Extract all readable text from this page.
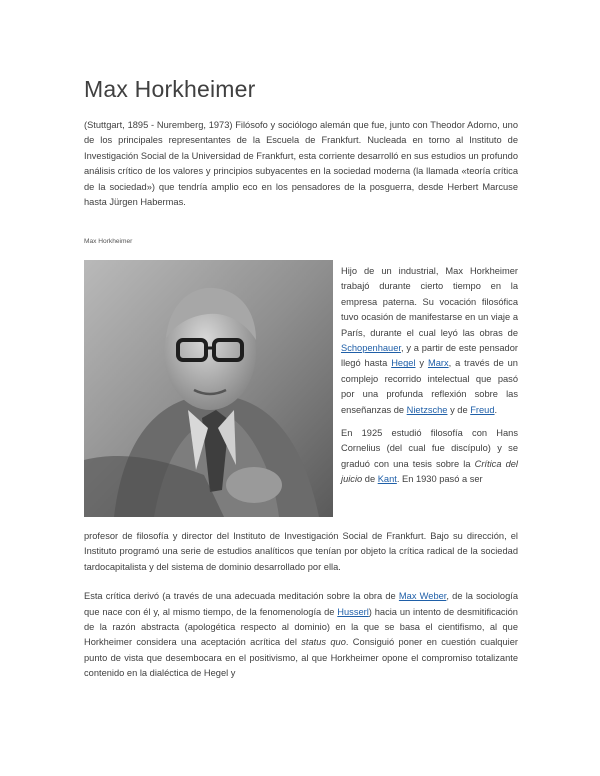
Max Horkheimer

(Stuttgart, 1895 - Nuremberg, 1973) Filósofo y sociólogo alemán que fue, junto con Theodor Adorno, uno de los principales representantes de la Escuela de Frankfurt. Nucleada en torno al Instituto de Investigación Social de la Universidad de Frankfurt, esta corriente desarrolló en sus estudios un profundo análisis crítico de los valores y principios subyacentes en la sociedad moderna (la llamada «teoría crítica de la sociedad») que tendría amplio eco en los pensadores de la posguerra, desde Herbert Marcuse hasta Jürgen Habermas.

Max Horkheimer

Hijo de un industrial, Max Horkheimer trabajó durante cierto tiempo en la empresa paterna. Su vocación filosófica tuvo ocasión de manifestarse en un viaje a París, durante el cual leyó las obras de Schopenhauer, y a partir de este pensador llegó hasta Hegel y Marx, a través de un complejo recorrido intelectual que pasó por una profunda reflexión sobre las enseñanzas de Nietzsche y de Freud.

En 1925 estudió filosofía con Hans Cornelius (del cual fue discípulo) y se graduó con una tesis sobre la Crítica del juicio de Kant. En 1930 pasó a ser

profesor de filosofía y director del Instituto de Investigación Social de Frankfurt. Bajo su dirección, el Instituto programó una serie de estudios analíticos que tenían por objeto la crítica radical de la sociedad tardocapitalista y del sistema de dominio desarrollado por ella.

Esta crítica derivó (a través de una adecuada meditación sobre la obra de Max Weber, de la sociología que nace con él y, al mismo tiempo, de la fenomenología de Husserl) hacia un intento de desmitificación de la razón abstracta (apologética respecto al dominio) en la que se basa el cientifismo, al que Horkheimer considera una aceptación acrítica del status quo. Consiguió poner en cuestión cualquier punto de vista que desembocara en el positivismo, al que Horkheimer opone el compromiso totalizante contenido en la dialéctica de Hegel y
